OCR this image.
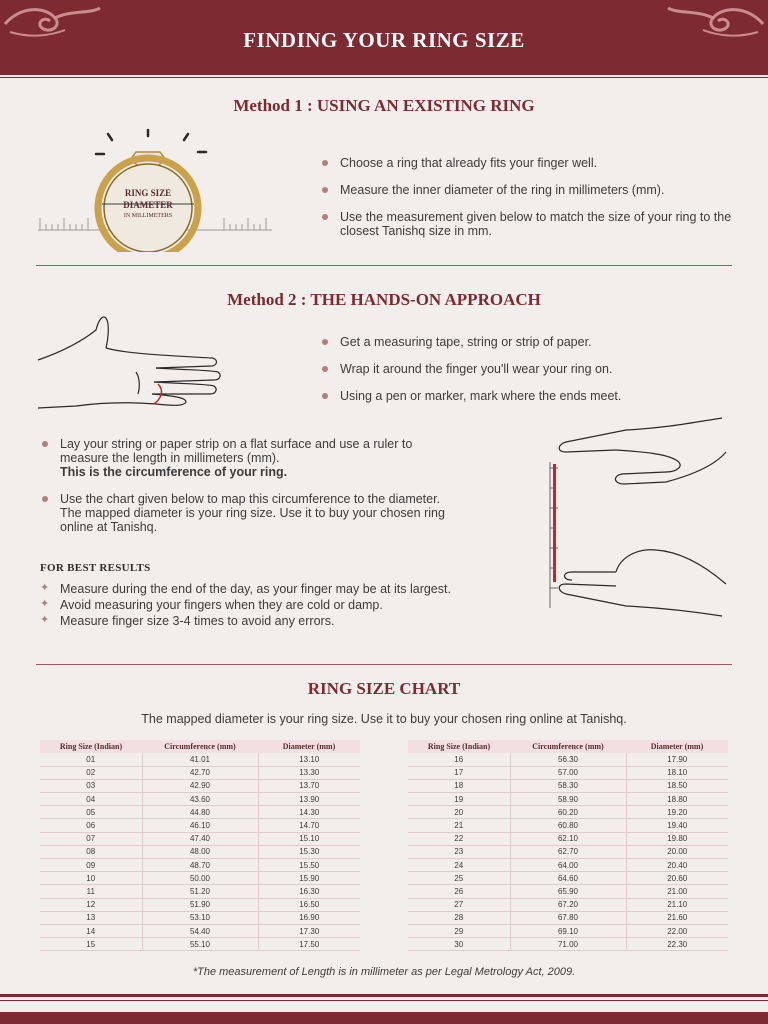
FINDING YOUR RING SIZE
Method 1 : USING AN EXISTING RING
RING SIZE
DIAMETER
IN MILLIMETERS
Choose a ring that already fits your finger well.
Measure the inner diameter of the ring in millimeters (mm).
Use the measurement given below to match the size of your ring to the closest Tanishq size in mm.
Method 2 : THE HANDS-ON APPROACH
Get a measuring tape, string or strip of paper.
Wrap it around the finger you'll wear your ring on.
Using a pen or marker, mark where the ends meet.
Lay your string or paper strip on a flat surface and use a ruler to measure the length in millimeters (mm).
This is the circumference of your ring.
Use the chart given below to map this circumference to the diameter. The mapped diameter is your ring size. Use it to buy your chosen ring online at Tanishq.
FOR BEST RESULTS
✦ Measure during the end of the day, as your finger may be at its largest.
✦ Avoid measuring your fingers when they are cold or damp.
✦ Measure finger size 3-4 times to avoid any errors.
RING SIZE CHART
The mapped diameter is your ring size. Use it to buy your chosen ring online at Tanishq.
Ring Size (Indian)	Circumference (mm)	Diameter (mm)
01	41.01	13.10
02	42.70	13.30
03	42.90	13.70
04	43.60	13.90
05	44.80	14.30
06	46.10	14.70
07	47.40	15.10
08	48.00	15.30
09	48.70	15.50
10	50.00	15.90
11	51.20	16.30
12	51.90	16.50
13	53.10	16.90
14	54.40	17.30
15	55.10	17.50
Ring Size (Indian)	Circumference (mm)	Diameter (mm)
16	56.30	17.90
17	57.00	18.10
18	58.30	18.50
19	58.90	18.80
20	60.20	19.20
21	60.80	19.40
22	62.10	19.80
23	62.70	20.00
24	64.00	20.40
25	64.60	20.60
26	65.90	21.00
27	67.20	21.10
28	67.80	21.60
29	69.10	22.00
30	71.00	22.30
*The measurement of Length is in millimeter as per Legal Metrology Act, 2009.
